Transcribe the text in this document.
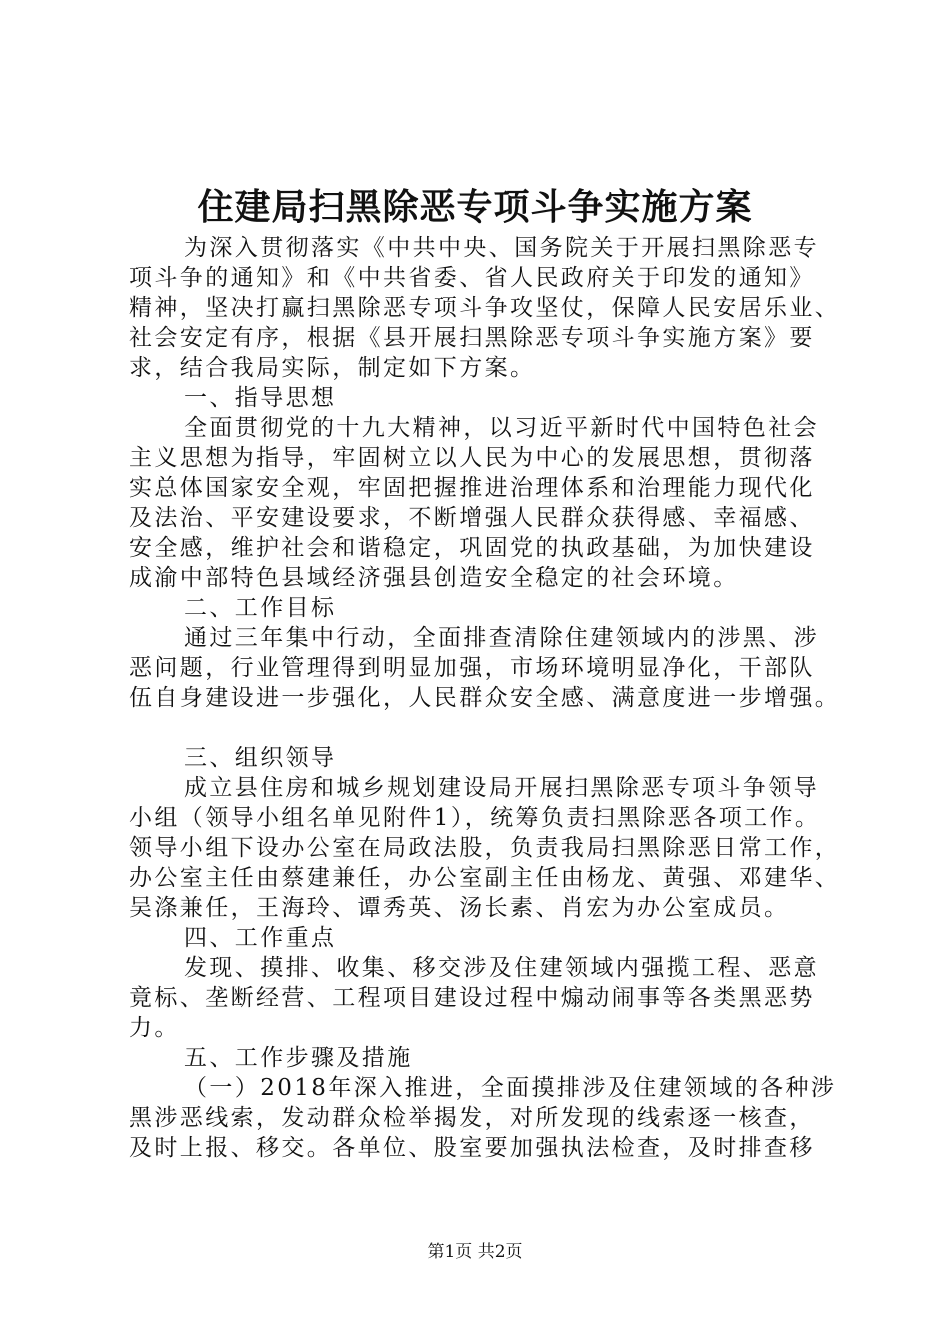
住建局扫黑除恶专项斗争实施方案
为深入贯彻落实《中共中央、国务院关于开展扫黑除恶专
项斗争的通知》和《中共省委、省人民政府关于印发的通知》
精神，坚决打赢扫黑除恶专项斗争攻坚仗，保障人民安居乐业、
社会安定有序，根据《县开展扫黑除恶专项斗争实施方案》要
求，结合我局实际，制定如下方案。
一、指导思想
全面贯彻党的十九大精神，以习近平新时代中国特色社会
主义思想为指导，牢固树立以人民为中心的发展思想，贯彻落
实总体国家安全观，牢固把握推进治理体系和治理能力现代化
及法治、平安建设要求，不断增强人民群众获得感、幸福感、
安全感，维护社会和谐稳定，巩固党的执政基础，为加快建设
成渝中部特色县域经济强县创造安全稳定的社会环境。
二、工作目标
通过三年集中行动，全面排查清除住建领域内的涉黑、涉
恶问题，行业管理得到明显加强，市场环境明显净化，干部队
伍自身建设进一步强化，人民群众安全感、满意度进一步增强。
三、组织领导
成立县住房和城乡规划建设局开展扫黑除恶专项斗争领导
小组（领导小组名单见附件1），统筹负责扫黑除恶各项工作。
领导小组下设办公室在局政法股，负责我局扫黑除恶日常工作，
办公室主任由蔡建兼任，办公室副主任由杨龙、黄强、邓建华、
吴涤兼任，王海玲、谭秀英、汤长素、肖宏为办公室成员。
四、工作重点
发现、摸排、收集、移交涉及住建领域内强揽工程、恶意
竟标、垄断经营、工程项目建设过程中煽动闹事等各类黑恶势
力。
五、工作步骤及措施
（一）2018年深入推进，全面摸排涉及住建领域的各种涉
黑涉恶线索，发动群众检举揭发，对所发现的线索逐一核查，
及时上报、移交。各单位、股室要加强执法检查，及时排查移
第1页 共2页
